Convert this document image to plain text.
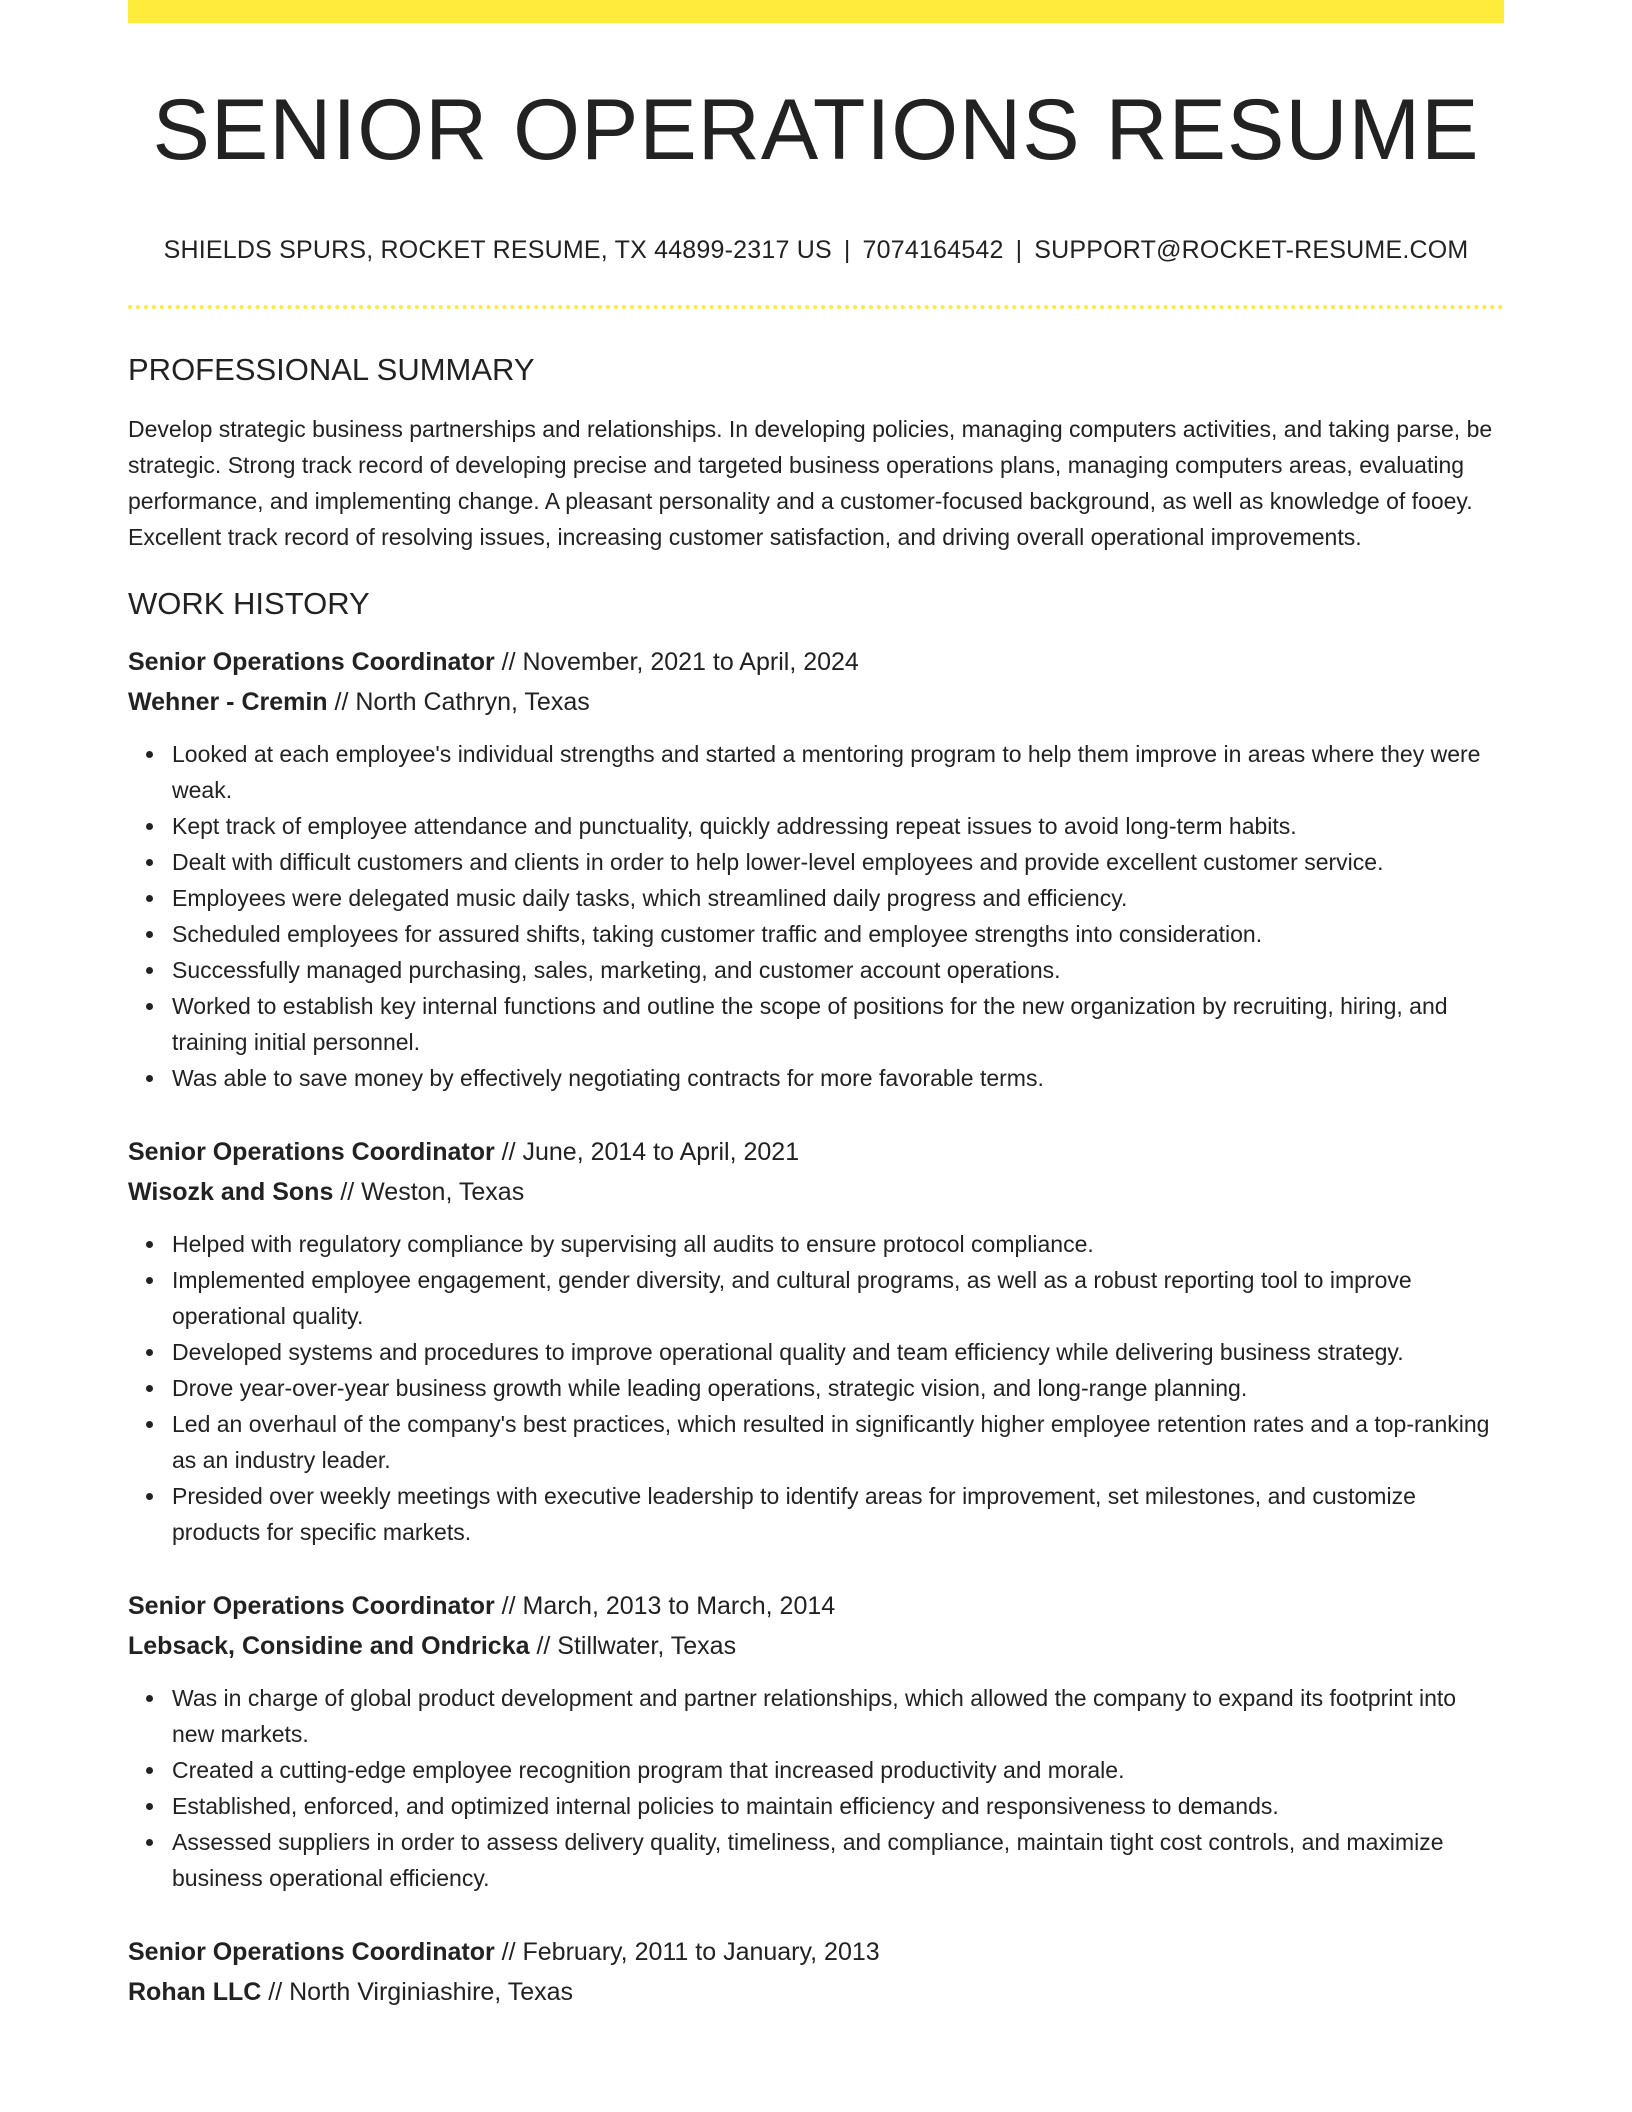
SENIOR OPERATIONS RESUME
SHIELDS SPURS, ROCKET RESUME, TX 44899-2317 US | 7074164542 | SUPPORT@ROCKET-RESUME.COM
PROFESSIONAL SUMMARY

Develop strategic business partnerships and relationships. In developing policies, managing computers activities, and taking parse, be strategic. Strong track record of developing precise and targeted business operations plans, managing computers areas, evaluating performance, and implementing change. A pleasant personality and a customer-focused background, as well as knowledge of fooey. Excellent track record of resolving issues, increasing customer satisfaction, and driving overall operational improvements.

WORK HISTORY
Senior Operations Coordinator // November, 2021 to April, 2024
Wehner - Cremin // North Cathryn, Texas
Looked at each employee's individual strengths and started a mentoring program to help them improve in areas where they were weak.
Kept track of employee attendance and punctuality, quickly addressing repeat issues to avoid long-term habits.
Dealt with difficult customers and clients in order to help lower-level employees and provide excellent customer service.
Employees were delegated music daily tasks, which streamlined daily progress and efficiency.
Scheduled employees for assured shifts, taking customer traffic and employee strengths into consideration.
Successfully managed purchasing, sales, marketing, and customer account operations.
Worked to establish key internal functions and outline the scope of positions for the new organization by recruiting, hiring, and training initial personnel.
Was able to save money by effectively negotiating contracts for more favorable terms.
Senior Operations Coordinator // June, 2014 to April, 2021
Wisozk and Sons // Weston, Texas
Helped with regulatory compliance by supervising all audits to ensure protocol compliance.
Implemented employee engagement, gender diversity, and cultural programs, as well as a robust reporting tool to improve operational quality.
Developed systems and procedures to improve operational quality and team efficiency while delivering business strategy.
Drove year-over-year business growth while leading operations, strategic vision, and long-range planning.
Led an overhaul of the company's best practices, which resulted in significantly higher employee retention rates and a top-ranking as an industry leader.
Presided over weekly meetings with executive leadership to identify areas for improvement, set milestones, and customize products for specific markets.
Senior Operations Coordinator // March, 2013 to March, 2014
Lebsack, Considine and Ondricka // Stillwater, Texas
Was in charge of global product development and partner relationships, which allowed the company to expand its footprint into new markets.
Created a cutting-edge employee recognition program that increased productivity and morale.
Established, enforced, and optimized internal policies to maintain efficiency and responsiveness to demands.
Assessed suppliers in order to assess delivery quality, timeliness, and compliance, maintain tight cost controls, and maximize business operational efficiency.
Senior Operations Coordinator // February, 2011 to January, 2013
Rohan LLC // North Virginiashire, Texas
